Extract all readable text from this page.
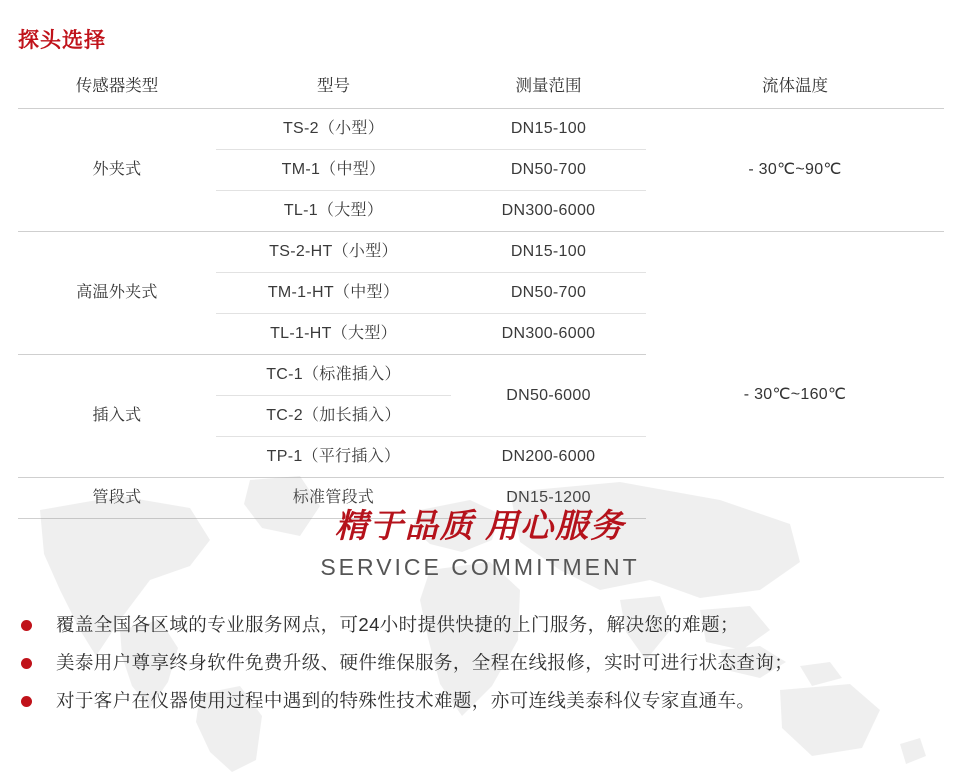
探头选择
传感器类型	型号	测量范围	流体温度
外夹式	TS-2（小型）	DN15-100	- 30℃~90℃
	TM-1（中型）	DN50-700	
	TL-1（大型）	DN300-6000	
高温外夹式	TS-2-HT（小型）	DN15-100	
	TM-1-HT（中型）	DN50-700	
	TL-1-HT（大型）	DN300-6000	- 30℃~160℃
插入式	TC-1（标准插入）	DN50-6000	
	TC-2（加长插入）		
	TP-1（平行插入）	DN200-6000	
管段式	标准管段式	DN15-1200	
精于品质 用心服务
SERVICE COMMITMENT
覆盖全国各区域的专业服务网点，可24小时提供快捷的上门服务，解决您的难题；
美泰用户尊享终身软件免费升级、硬件维保服务，全程在线报修，实时可进行状态查询；
对于客户在仪器使用过程中遇到的特殊性技术难题，亦可连线美泰科仪专家直通车。
